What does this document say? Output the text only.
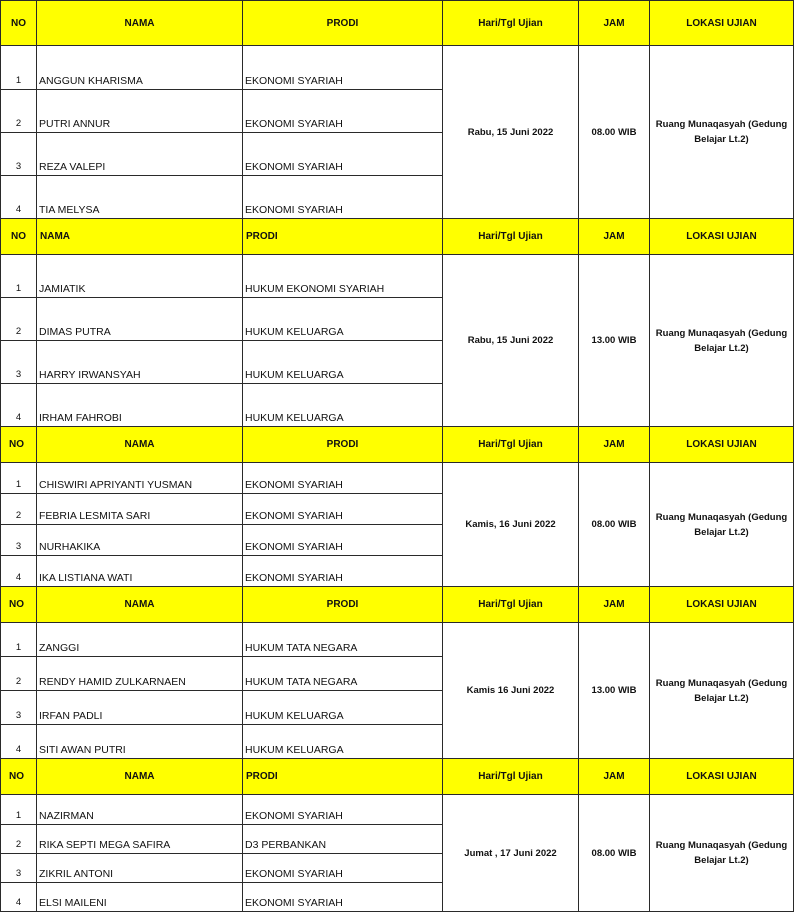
NO	NAMA	PRODI	Hari/Tgl Ujian	JAM	LOKASI UJIAN
1	ANGGUN KHARISMA	EKONOMI SYARIAH	Rabu, 15 Juni 2022	08.00 WIB	Ruang Munaqasyah (Gedung Belajar Lt.2)
2	PUTRI ANNUR	EKONOMI SYARIAH			
3	REZA VALEPI	EKONOMI SYARIAH			
4	TIA MELYSA	EKONOMI SYARIAH			
NO	NAMA	PRODI	Hari/Tgl Ujian	JAM	LOKASI UJIAN
1	JAMIATIK	HUKUM EKONOMI SYARIAH	Rabu, 15 Juni 2022	13.00 WIB	Ruang Munaqasyah (Gedung Belajar Lt.2)
2	DIMAS PUTRA	HUKUM KELUARGA			
3	HARRY IRWANSYAH	HUKUM KELUARGA			
4	IRHAM FAHROBI	HUKUM KELUARGA			
NO	NAMA	PRODI	Hari/Tgl Ujian	JAM	LOKASI UJIAN
1	CHISWIRI APRIYANTI YUSMAN	EKONOMI SYARIAH	Kamis, 16 Juni 2022	08.00 WIB	Ruang Munaqasyah (Gedung Belajar Lt.2)
2	FEBRIA LESMITA SARI	EKONOMI SYARIAH			
3	NURHAKIKA	EKONOMI SYARIAH			
4	IKA LISTIANA WATI	EKONOMI SYARIAH			
NO	NAMA	PRODI	Hari/Tgl Ujian	JAM	LOKASI UJIAN
1	ZANGGI	HUKUM TATA NEGARA	Kamis 16 Juni 2022	13.00 WIB	Ruang Munaqasyah (Gedung Belajar Lt.2)
2	RENDY HAMID ZULKARNAEN	HUKUM TATA NEGARA			
3	IRFAN PADLI	HUKUM KELUARGA			
4	SITI AWAN PUTRI	HUKUM KELUARGA			
NO	NAMA	PRODI	Hari/Tgl Ujian	JAM	LOKASI UJIAN
1	NAZIRMAN	EKONOMI SYARIAH	Jumat , 17 Juni 2022	08.00 WIB	Ruang Munaqasyah (Gedung Belajar Lt.2)
2	RIKA SEPTI MEGA SAFIRA	D3 PERBANKAN			
3	ZIKRIL ANTONI	EKONOMI SYARIAH			
4	ELSI MAILENI	EKONOMI SYARIAH			
